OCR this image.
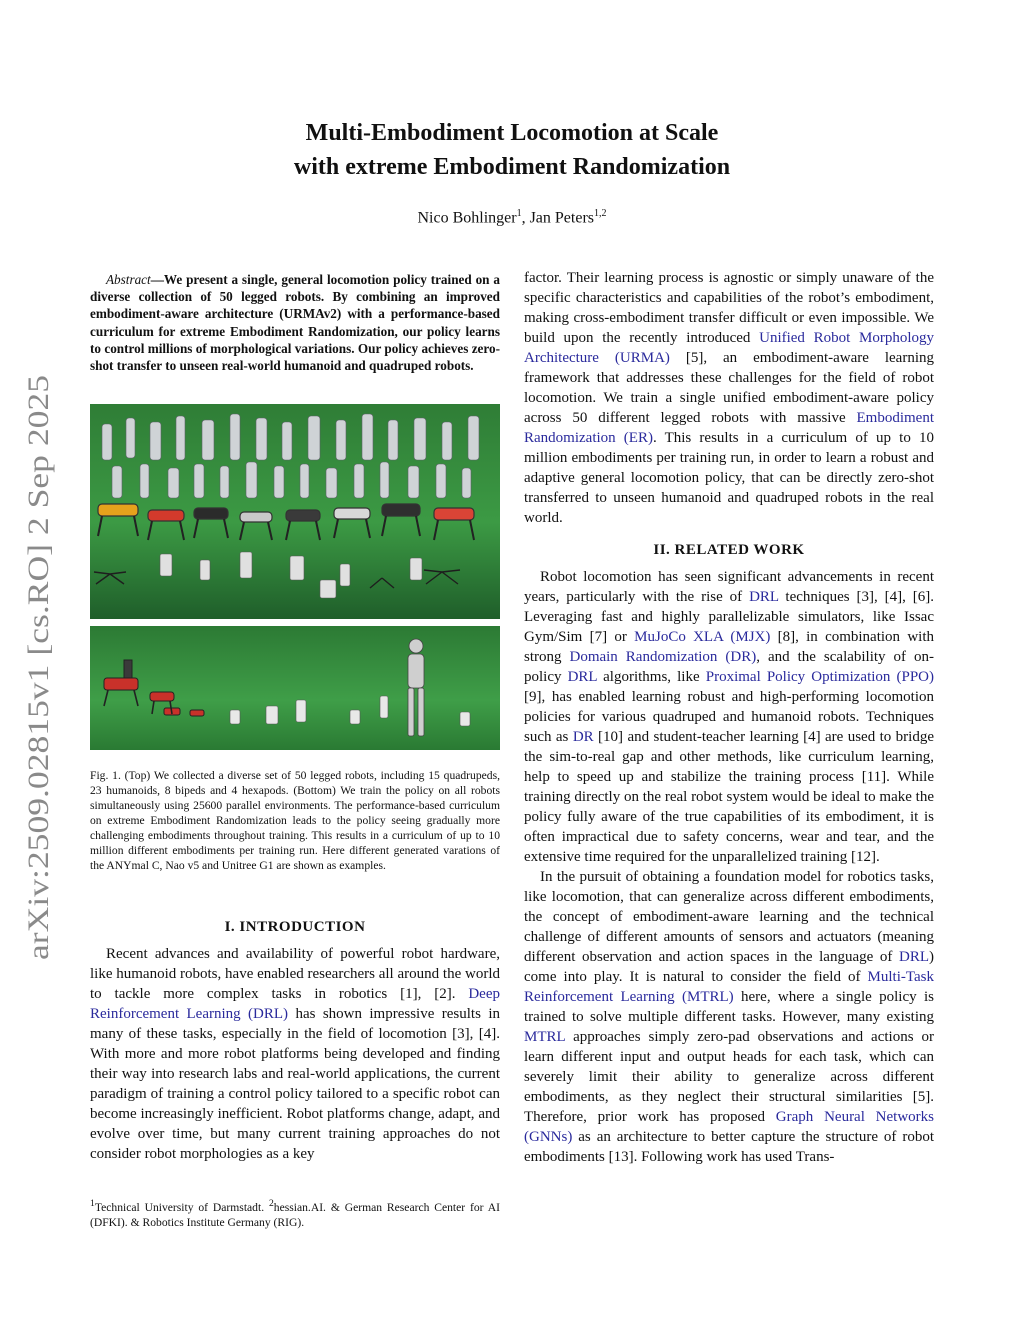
arXiv:2509.02815v1 [cs.RO] 2 Sep 2025
Multi-Embodiment Locomotion at Scale
with extreme Embodiment Randomization
Nico Bohlinger$^1$, Jan Peters$^{1,2}$
Abstract—We present a single, general locomotion policy trained on a diverse collection of 50 legged robots. By combining an improved embodiment-aware architecture (URMAv2) with a performance-based curriculum for extreme Embodiment Randomization, our policy learns to control millions of morphological variations. Our policy achieves zero-shot transfer to unseen real-world humanoid and quadruped robots.
Fig. 1. (Top) We collected a diverse set of 50 legged robots, including 15 quadrupeds, 23 humanoids, 8 bipeds and 4 hexapods. (Bottom) We train the policy on all robots simultaneously using 25600 parallel environments. The performance-based curriculum on extreme Embodiment Randomization leads to the policy seeing gradually more challenging embodiments throughout training. This results in a curriculum of up to 10 million different embodiments per training run. Here different generated varations of the ANYmal C, Nao v5 and Unitree G1 are shown as examples.
I. INTRODUCTION

Recent advances and availability of powerful robot hardware, like humanoid robots, have enabled researchers all around the world to tackle more complex tasks in robotics [1], [2]. Deep Reinforcement Learning (DRL) has shown impressive results in many of these tasks, especially in the field of locomotion [3], [4]. With more and more robot platforms being developed and finding their way into research labs and real-world applications, the current paradigm of training a control policy tailored to a specific robot can become increasingly inefficient. Robot platforms change, adapt, and evolve over time, but many current training approaches do not consider robot morphologies as a key

$^1$Technical University of Darmstadt. $^2$hessian.AI. & German Research Center for AI (DFKI). & Robotics Institute Germany (RIG).

factor. Their learning process is agnostic or simply unaware of the specific characteristics and capabilities of the robot’s embodiment, making cross-embodiment transfer difficult or even impossible. We build upon the recently introduced Unified Robot Morphology Architecture (URMA) [5], an embodiment-aware learning framework that addresses these challenges for the field of robot locomotion. We train a single unified embodiment-aware policy across 50 different legged robots with massive Embodiment Randomization (ER). This results in a curriculum of up to 10 million embodiments per training run, in order to learn a robust and adaptive general locomotion policy, that can be directly zero-shot transferred to unseen humanoid and quadruped robots in the real world.

II. RELATED WORK

Robot locomotion has seen significant advancements in recent years, particularly with the rise of DRL techniques [3], [4], [6]. Leveraging fast and highly parallelizable simulators, like Issac Gym/Sim [7] or MuJoCo XLA (MJX) [8], in combination with strong Domain Randomization (DR), and the scalability of on-policy DRL algorithms, like Proximal Policy Optimization (PPO) [9], has enabled learning robust and high-performing locomotion policies for various quadruped and humanoid robots. Techniques such as DR [10] and student-teacher learning [4] are used to bridge the sim-to-real gap and other methods, like curriculum learning, help to speed up and stabilize the training process [11]. While training directly on the real robot system would be ideal to make the policy fully aware of the true capabilities of its embodiment, it is often impractical due to safety concerns, wear and tear, and the extensive time required for the unparallelized training [12].

In the pursuit of obtaining a foundation model for robotics tasks, like locomotion, that can generalize across different embodiments, the concept of embodiment-aware learning and the technical challenge of different amounts of sensors and actuators (meaning different observation and action spaces in the language of DRL) come into play. It is natural to consider the field of Multi-Task Reinforcement Learning (MTRL) here, where a single policy is trained to solve multiple different tasks. However, many existing MTRL approaches simply zero-pad observations and actions or learn different input and output heads for each task, which can severely limit their ability to generalize across different embodiments, as they neglect their structural similarities [5]. Therefore, prior work has proposed Graph Neural Networks (GNNs) as an architecture to better capture the structure of robot embodiments [13]. Following work has used Trans-
